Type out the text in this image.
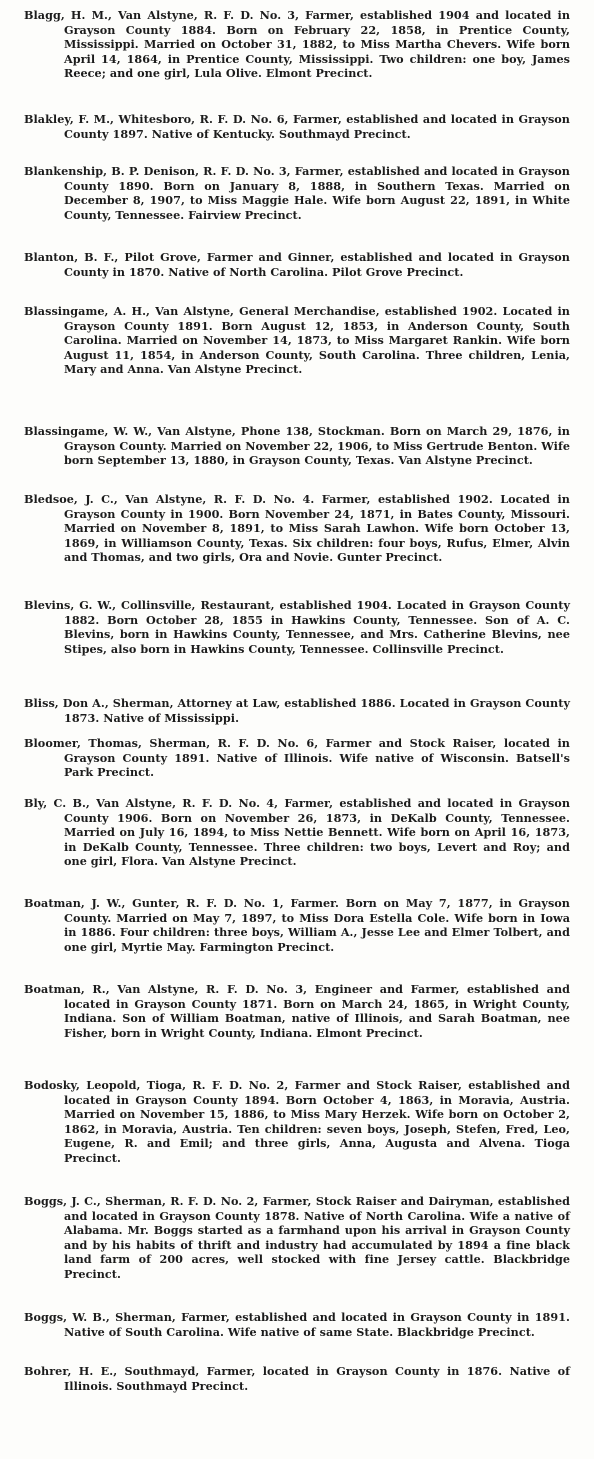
Blagg, H. M., Van Alstyne, R. F. D. No. 3, Farmer, established 1904 and located in Grayson County 1884. Born on February 22, 1858, in Prentice County, Mississippi. Married on October 31, 1882, to Miss Martha Chevers. Wife born April 14, 1864, in Prentice County, Mississippi. Two children: one boy, James Reece; and one girl, Lula Olive. Elmont Precinct.

Blakley, F. M., Whitesboro, R. F. D. No. 6, Farmer, established and located in Grayson County 1897. Native of Kentucky. Southmayd Precinct.

Blankenship, B. P. Denison, R. F. D. No. 3, Farmer, established and located in Grayson County 1890. Born on January 8, 1888, in Southern Texas. Married on December 8, 1907, to Miss Maggie Hale. Wife born August 22, 1891, in White County, Tennessee. Fairview Precinct.

Blanton, B. F., Pilot Grove, Farmer and Ginner, established and located in Grayson County in 1870. Native of North Carolina. Pilot Grove Precinct.

Blassingame, A. H., Van Alstyne, General Merchandise, established 1902. Located in Grayson County 1891. Born August 12, 1853, in Anderson County, South Carolina. Married on November 14, 1873, to Miss Margaret Rankin. Wife born August 11, 1854, in Anderson County, South Carolina. Three children, Lenia, Mary and Anna. Van Alstyne Precinct.

Blassingame, W. W., Van Alstyne, Phone 138, Stockman. Born on March 29, 1876, in Grayson County. Married on November 22, 1906, to Miss Gertrude Benton. Wife born September 13, 1880, in Grayson County, Texas. Van Alstyne Precinct.

Bledsoe, J. C., Van Alstyne, R. F. D. No. 4. Farmer, established 1902. Located in Grayson County in 1900. Born November 24, 1871, in Bates County, Missouri. Married on November 8, 1891, to Miss Sarah Lawhon. Wife born October 13, 1869, in Williamson County, Texas. Six children: four boys, Rufus, Elmer, Alvin and Thomas, and two girls, Ora and Novie. Gunter Precinct.

Blevins, G. W., Collinsville, Restaurant, established 1904. Located in Grayson County 1882. Born October 28, 1855 in Hawkins County, Tennessee. Son of A. C. Blevins, born in Hawkins County, Tennessee, and Mrs. Catherine Blevins, nee Stipes, also born in Hawkins County, Tennessee. Collinsville Precinct.

Bliss, Don A., Sherman, Attorney at Law, established 1886. Located in Grayson County 1873. Native of Mississippi.

Bloomer, Thomas, Sherman, R. F. D. No. 6, Farmer and Stock Raiser, located in Grayson County 1891. Native of Illinois. Wife native of Wisconsin. Batsell's Park Precinct.

Bly, C. B., Van Alstyne, R. F. D. No. 4, Farmer, established and located in Grayson County 1906. Born on November 26, 1873, in DeKalb County, Tennessee. Married on July 16, 1894, to Miss Nettie Bennett. Wife born on April 16, 1873, in DeKalb County, Tennessee. Three children: two boys, Levert and Roy; and one girl, Flora. Van Alstyne Precinct.

Boatman, J. W., Gunter, R. F. D. No. 1, Farmer. Born on May 7, 1877, in Grayson County. Married on May 7, 1897, to Miss Dora Estella Cole. Wife born in Iowa in 1886. Four children: three boys, William A., Jesse Lee and Elmer Tolbert, and one girl, Myrtie May. Farmington Precinct.

Boatman, R., Van Alstyne, R. F. D. No. 3, Engineer and Farmer, established and located in Grayson County 1871. Born on March 24, 1865, in Wright County, Indiana. Son of William Boatman, native of Illinois, and Sarah Boatman, nee Fisher, born in Wright County, Indiana. Elmont Precinct.

Bodosky, Leopold, Tioga, R. F. D. No. 2, Farmer and Stock Raiser, established and located in Grayson County 1894. Born October 4, 1863, in Moravia, Austria. Married on November 15, 1886, to Miss Mary Herzek. Wife born on October 2, 1862, in Moravia, Austria. Ten children: seven boys, Joseph, Stefen, Fred, Leo, Eugene, R. and Emil; and three girls, Anna, Augusta and Alvena. Tioga Precinct.

Boggs, J. C., Sherman, R. F. D. No. 2, Farmer, Stock Raiser and Dairyman, established and located in Grayson County 1878. Native of North Carolina. Wife a native of Alabama. Mr. Boggs started as a farmhand upon his arrival in Grayson County and by his habits of thrift and industry had accumulated by 1894 a fine black land farm of 200 acres, well stocked with fine Jersey cattle. Blackbridge Precinct.

Boggs, W. B., Sherman, Farmer, established and located in Grayson County in 1891. Native of South Carolina. Wife native of same State. Blackbridge Precinct.

Bohrer, H. E., Southmayd, Farmer, located in Grayson County in 1876. Native of Illinois. Southmayd Precinct.
